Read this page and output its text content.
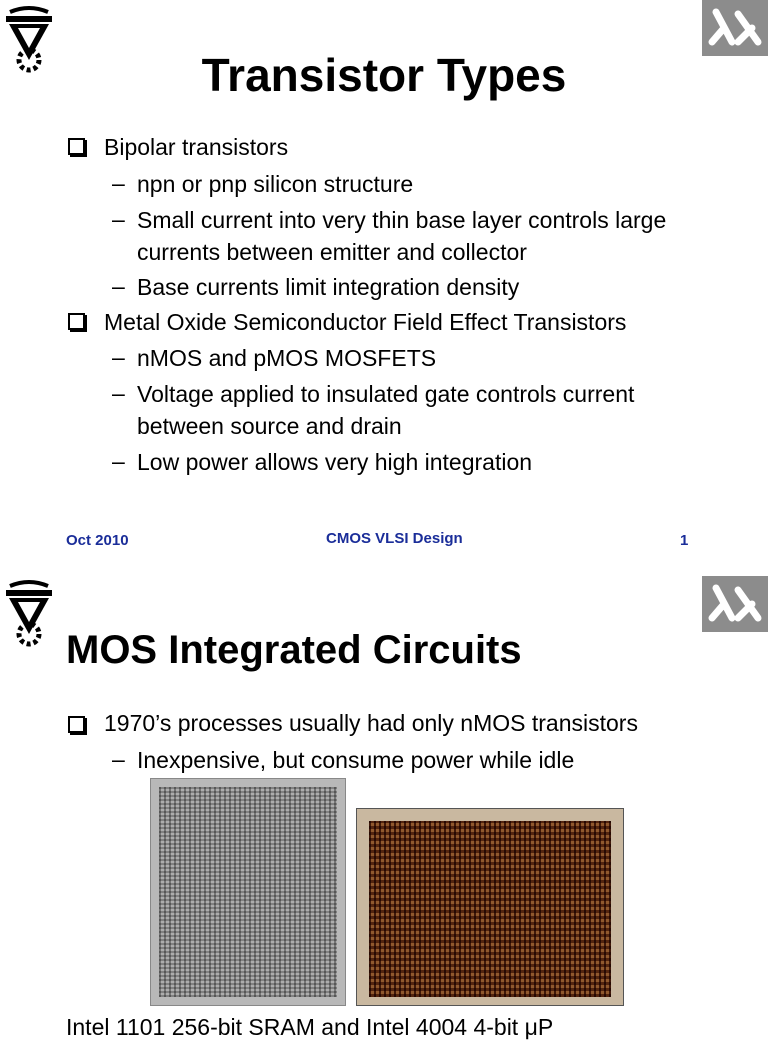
Transistor Types
Bipolar transistors
– npn or pnp silicon structure
– Small current into very thin base layer controls large currents between emitter and collector
– Base currents limit integration density
Metal Oxide Semiconductor Field Effect Transistors
– nMOS and pMOS MOSFETS
– Voltage applied to insulated gate controls current between source and drain
– Low power allows very high integration
Oct 2010	CMOS VLSI Design	1
MOS Integrated Circuits
1970’s processes usually had only nMOS transistors
– Inexpensive, but consume power while idle
Intel 1101 256-bit SRAM and Intel 4004 4-bit μP
